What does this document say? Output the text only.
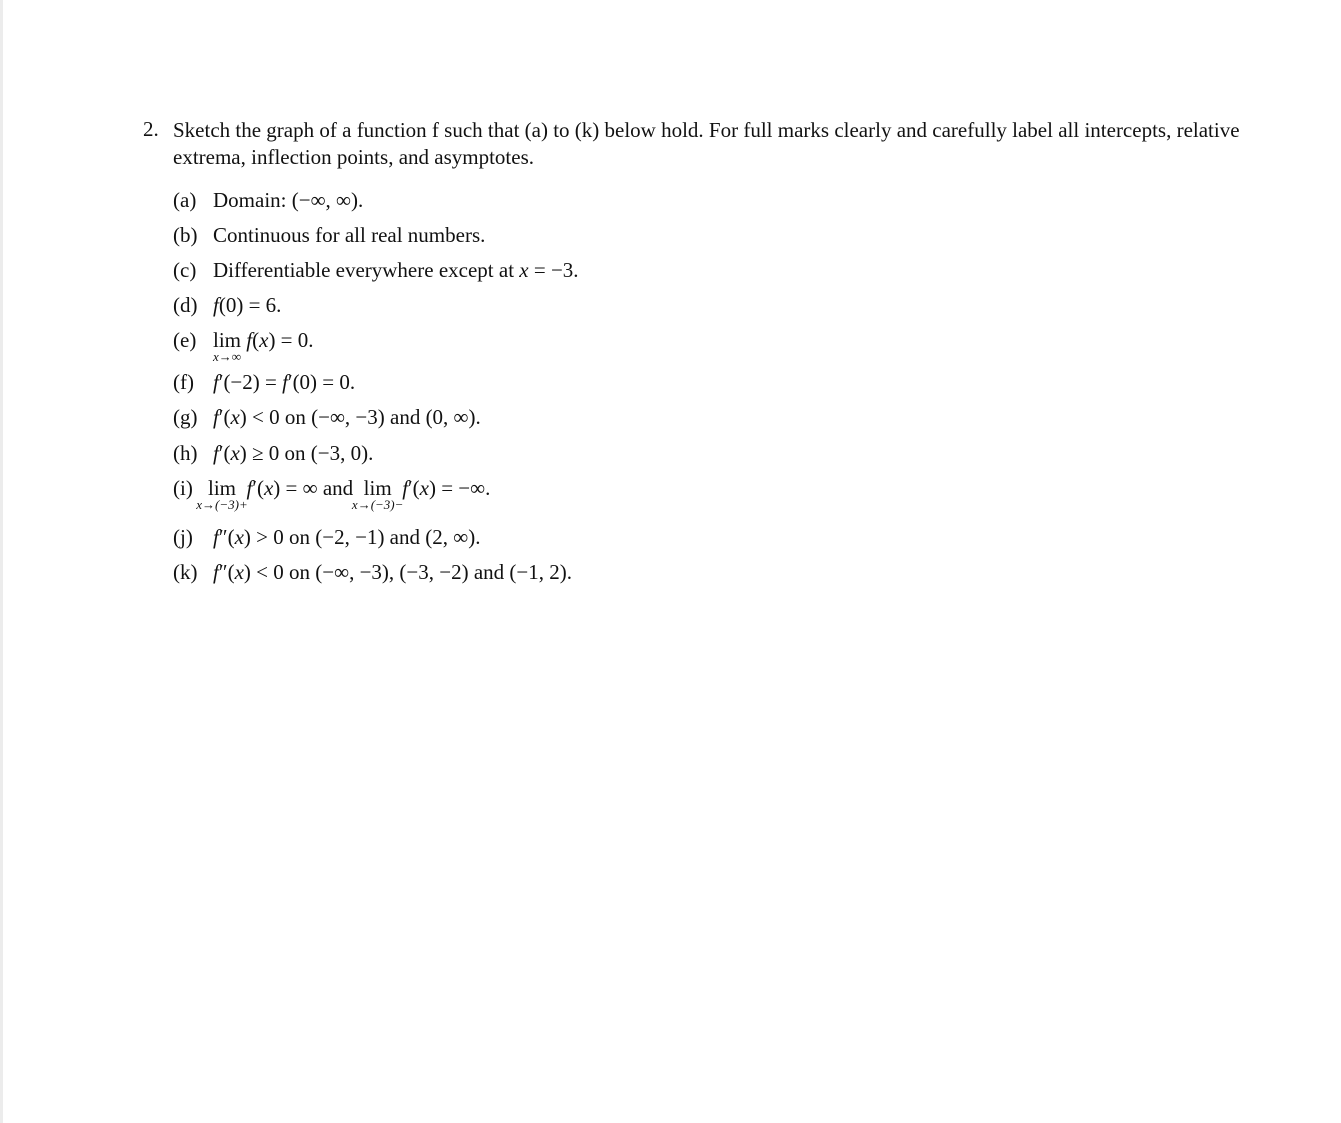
2. Sketch the graph of a function f such that (a) to (k) below hold. For full marks clearly and carefully label all intercepts, relative extrema, inflection points, and asymptotes.
(a) Domain: (−∞, ∞).
(b) Continuous for all real numbers.
(c) Differentiable everywhere except at x = −3.
(d) f(0) = 6.
(e) lim
x→∞
f(x) = 0.
(f) f′(−2) = f′(0) = 0.
(g) f′(x) < 0 on (−∞, −3) and (0, ∞).
(h) f′(x) ≥ 0 on (−3, 0).
(i) lim
x→(−3)+
f′(x) = ∞ and  lim
x→(−3)−
f′(x) = −∞.
(j) f″(x) > 0 on (−2, −1) and (2, ∞).
(k) f″(x) < 0 on (−∞, −3), (−3, −2) and (−1, 2).
